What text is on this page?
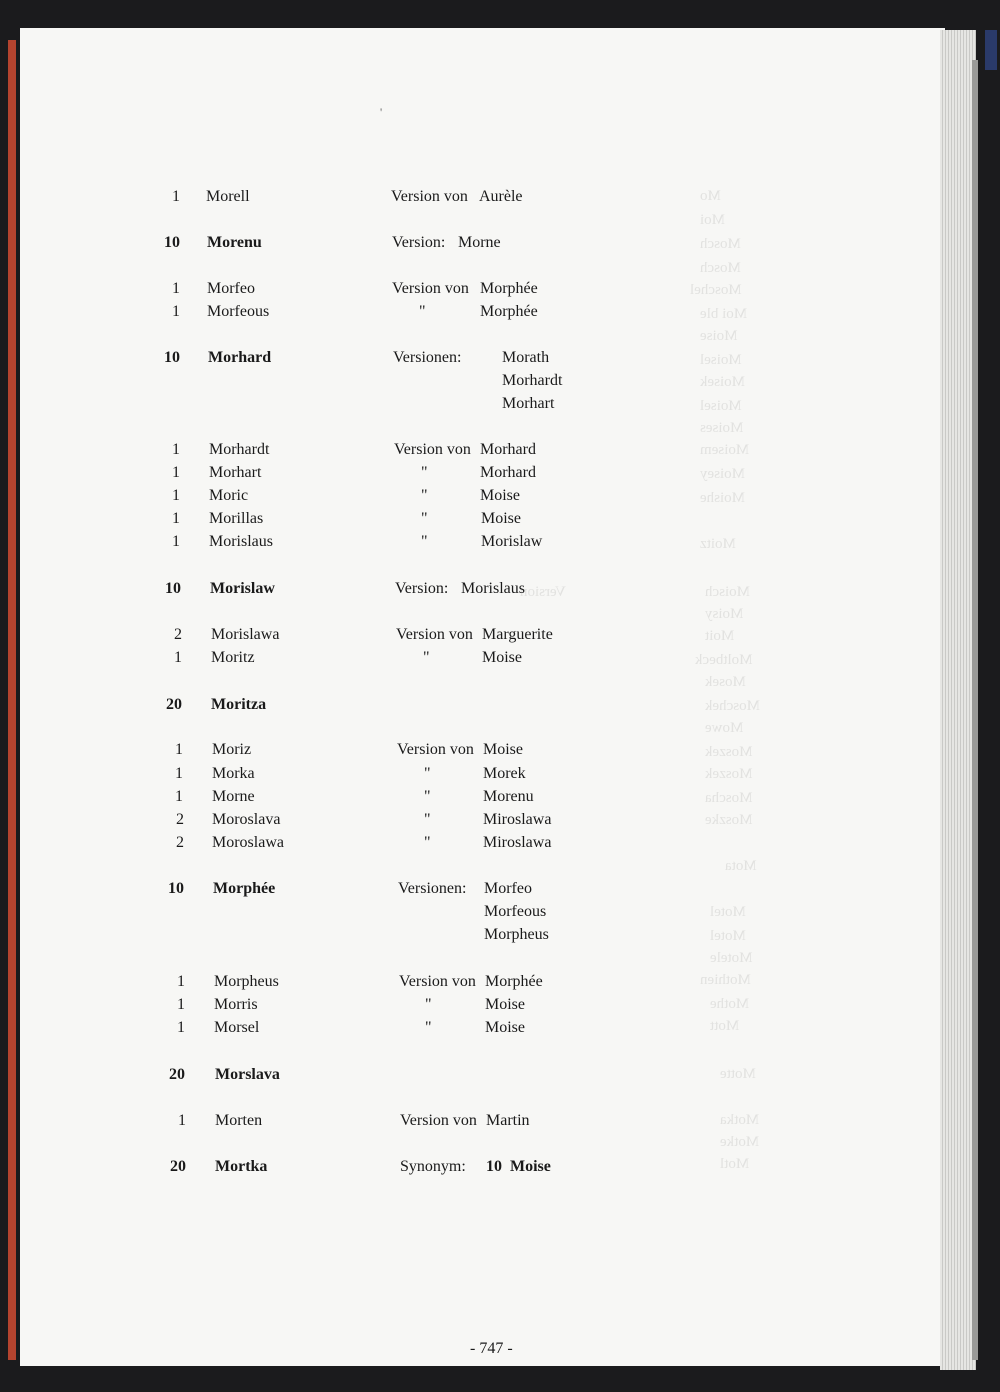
Mo
Moi
Mosch
Mosch
Moschel
Moi ble
Moise
Moisel
Moisek
Moisel
Moises
Moisem
Moisey
Moishe
Moitz
Version	Moisch
Moisy
Moit
Moltbeck
Mosek
Moschek
Mowe
Moszek
Moszek
Moscha
Moszke
Mota
Motel
Motel
Motele
Mothien
Mothe
Mott
Motte
Motka
Motke
Motl
'
1 Morell	Version von Aurèle
10 Morenu	Version: Morne
1 Morfeo	Version von Morphée
1 Morfeous	"	Morphée
10 Morhard	Versionen:	Morath
Morhardt
Morhart
1 Morhardt	Version von Morhard
1 Morhart	"	Morhard
1 Moric	"	Moise
1 Morillas	"	Moise
1 Morislaus	"	Morislaw
10 Morislaw	Version: Morislaus
2 Morislawa	Version von Marguerite
1 Moritz	"	Moise
20 Moritza
1 Moriz	Version von Moise
1 Morka	"	Morek
1 Morne	"	Morenu
2 Moroslava	"	Miroslawa
2 Moroslawa	"	Miroslawa
10 Morphée	Versionen: Morfeo
Morfeous
Morpheus
1 Morpheus	Version von Morphée
1 Morris	"	Moise
1 Morsel	"	Moise
20 Morslava
1 Morten	Version von Martin
20 Mortka	Synonym: 10  Moise
- 747 -
